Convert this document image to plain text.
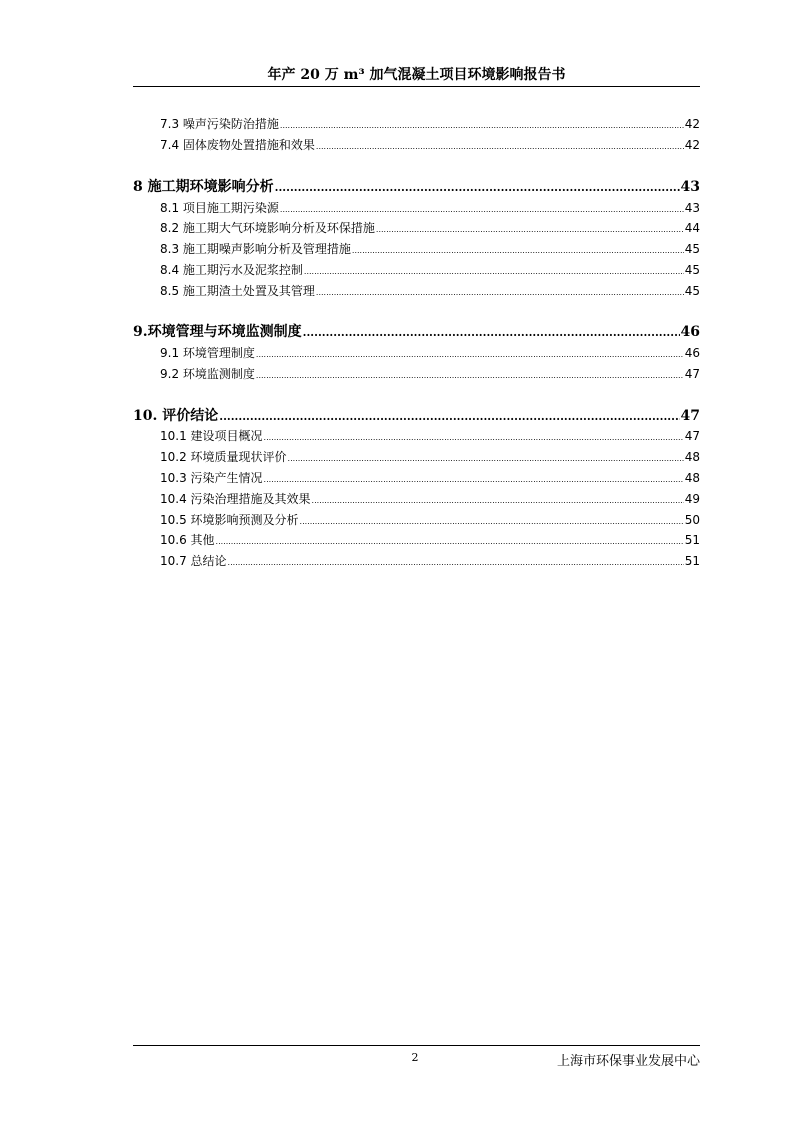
年产 20 万 m³ 加气混凝土项目环境影响报告书
7.3 噪声污染防治措施 .....	42
7.4 固体废物处置措施和效果 .....	42
8 施工期环境影响分析 .....	43
8.1 项目施工期污染源 .....	43
8.2 施工期大气环境影响分析及环保措施 .....	44
8.3 施工期噪声影响分析及管理措施 .....	45
8.4 施工期污水及泥浆控制 .....	45
8.5 施工期渣土处置及其管理 .....	45
9.环境管理与环境监测制度 .....	46
9.1 环境管理制度 .....	46
9.2 环境监测制度 .....	47
10. 评价结论 .....	47
10.1 建设项目概况 .....	47
10.2 环境质量现状评价 .....	48
10.3 污染产生情况 .....	48
10.4 污染治理措施及其效果 .....	49
10.5 环境影响预测及分析 .....	50
10.6 其他 .....	51
10.7 总结论 .....	51
2	上海市环保事业发展中心
